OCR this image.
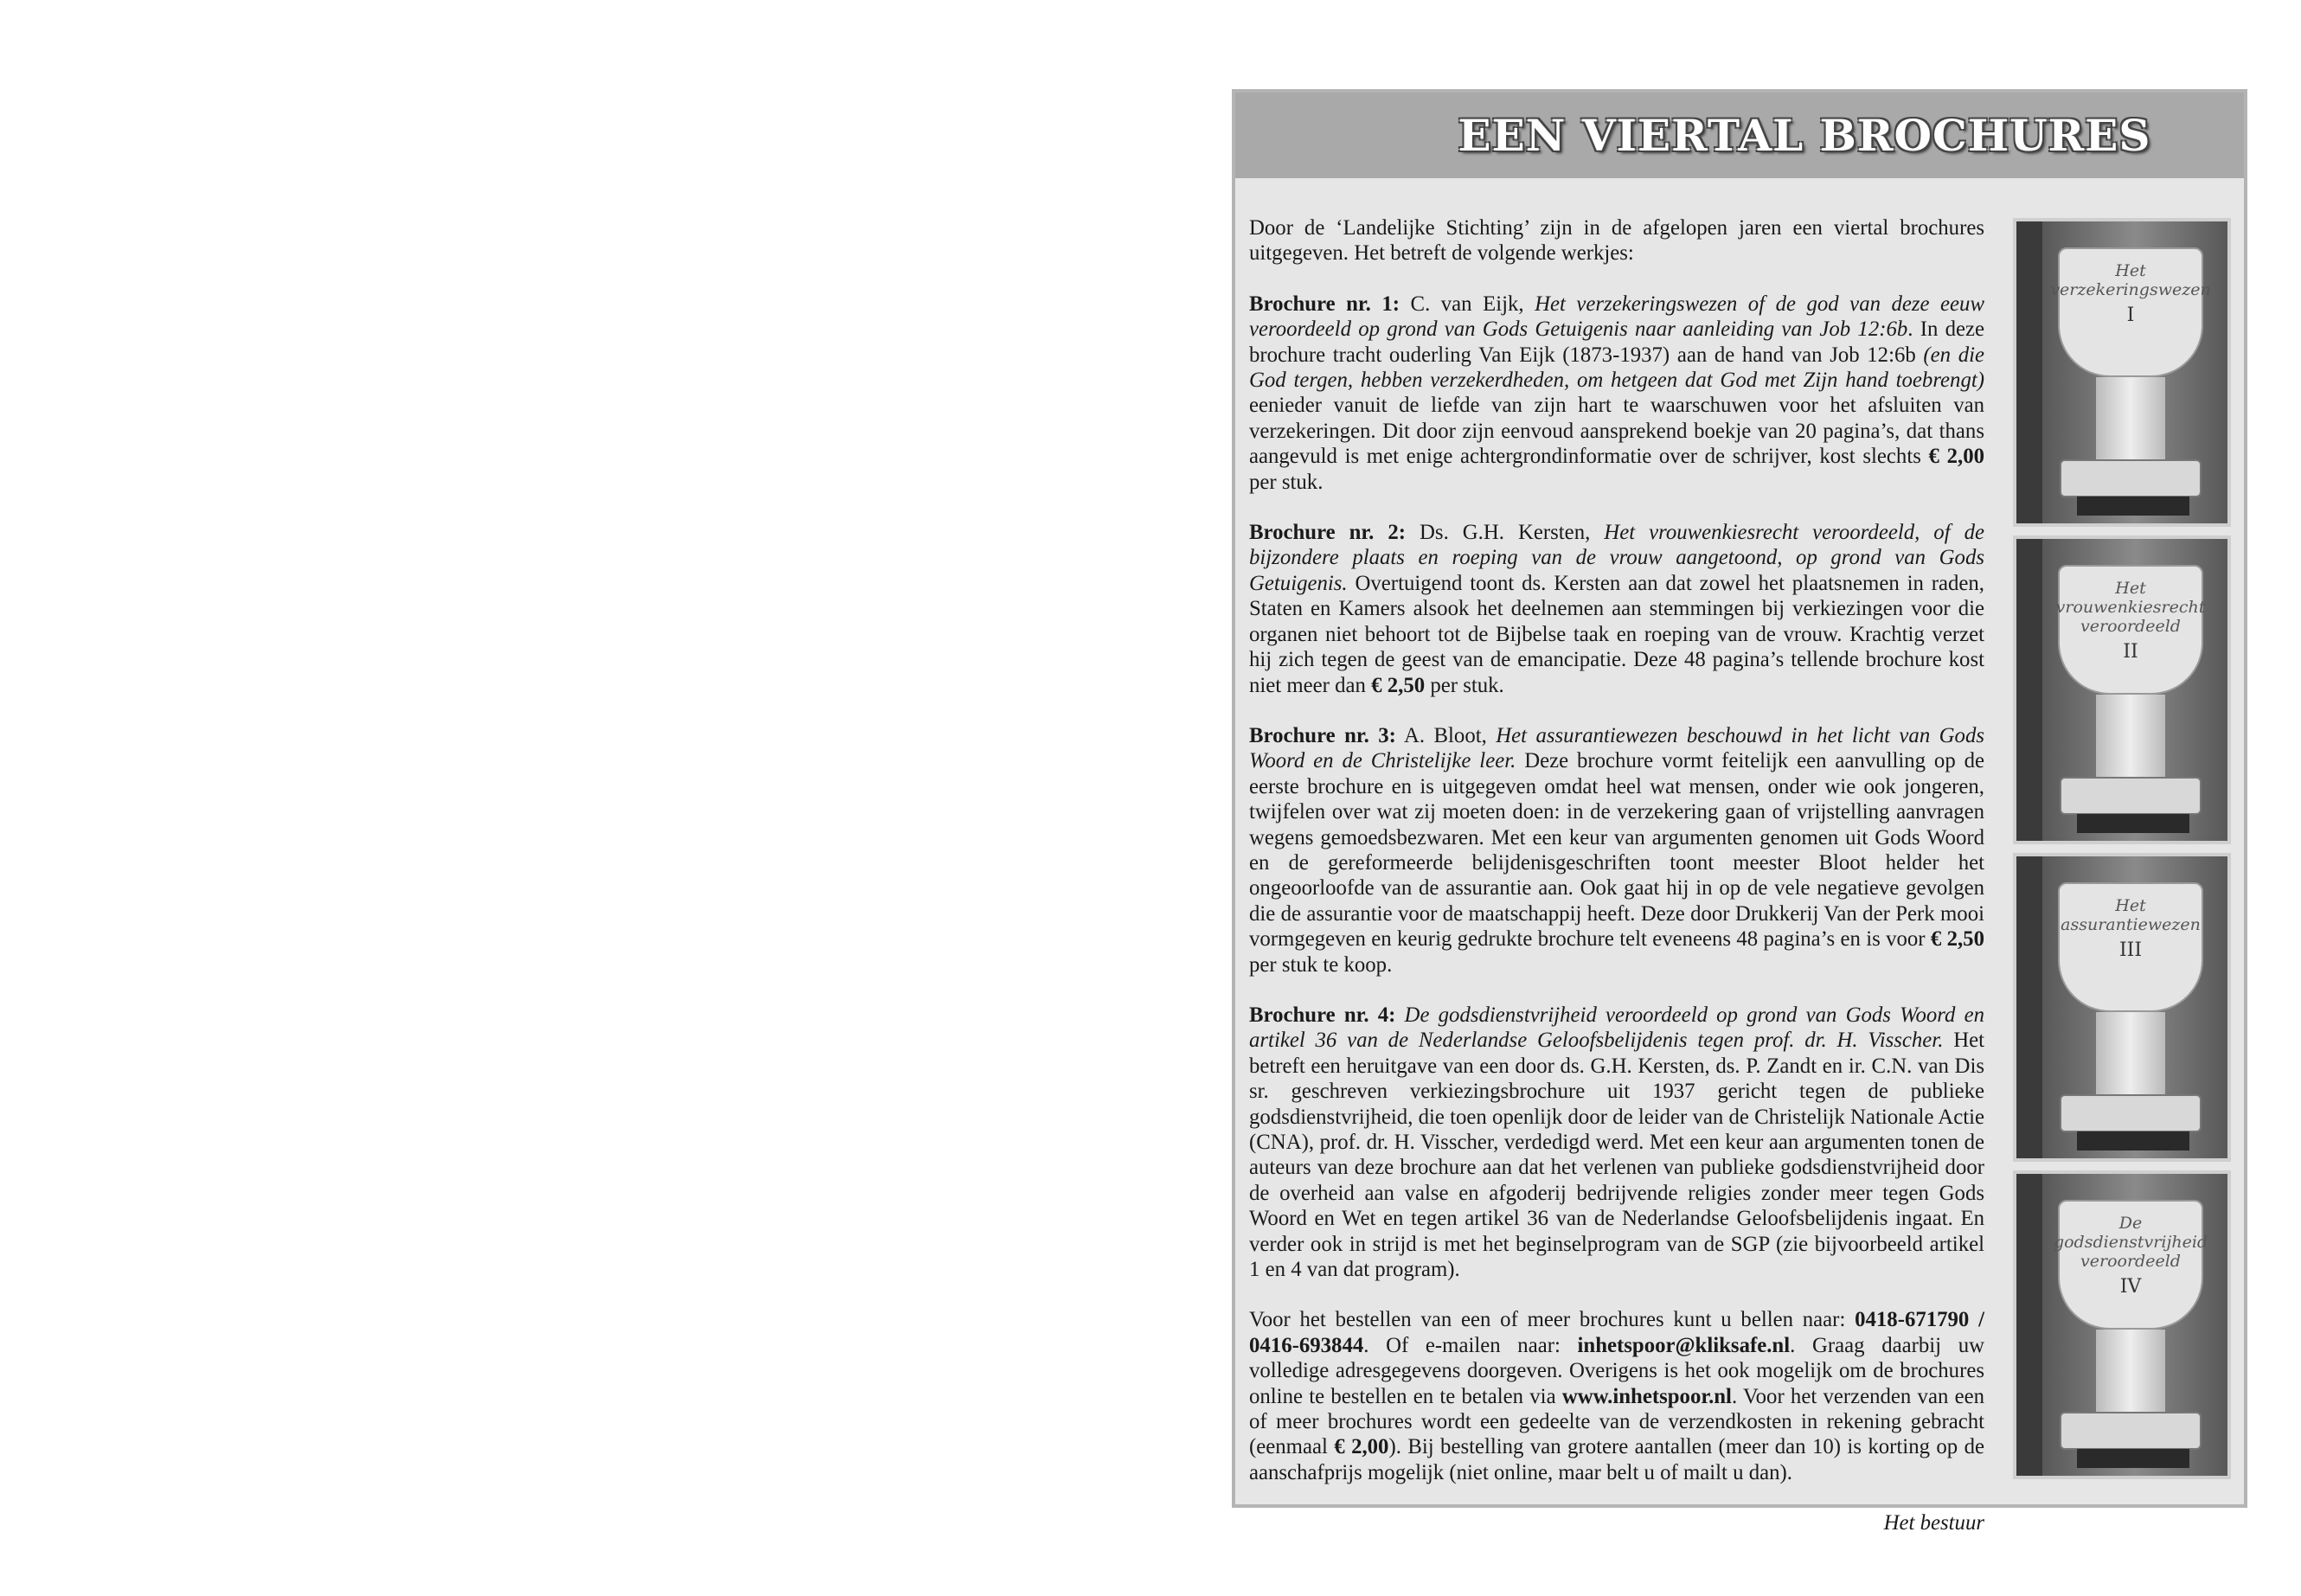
EEN VIERTAL BROCHURES

Door de ‘Landelijke Stichting’ zijn in de afgelopen jaren een viertal brochures uitgegeven. Het betreft de volgende werkjes:

Brochure nr. 1: C. van Eijk, Het verzekeringswezen of de god van deze eeuw veroordeeld op grond van Gods Getuigenis naar aanleiding van Job 12:6b. In deze brochure tracht ouderling Van Eijk (1873-1937) aan de hand van Job 12:6b (en die God tergen, hebben verzekerdheden, om hetgeen dat God met Zijn hand toebrengt) eenieder vanuit de liefde van zijn hart te waarschuwen voor het afsluiten van verzekeringen. Dit door zijn eenvoud aansprekend boekje van 20 pagina’s, dat thans aangevuld is met enige achtergrondinformatie over de schrijver, kost slechts € 2,00 per stuk.

Brochure nr. 2: Ds. G.H. Kersten, Het vrouwenkiesrecht veroordeeld, of de bijzondere plaats en roeping van de vrouw aangetoond, op grond van Gods Getuigenis. Overtuigend toont ds. Kersten aan dat zowel het plaatsnemen in raden, Staten en Kamers alsook het deelnemen aan stemmingen bij verkiezingen voor die organen niet behoort tot de Bijbelse taak en roeping van de vrouw. Krachtig verzet hij zich tegen de geest van de emancipatie. Deze 48 pagina’s tellende brochure kost niet meer dan € 2,50 per stuk.

Brochure nr. 3: A. Bloot, Het assurantiewezen beschouwd in het licht van Gods Woord en de Christelijke leer. Deze brochure vormt feitelijk een aanvulling op de eerste brochure en is uitgegeven omdat heel wat mensen, onder wie ook jongeren, twijfelen over wat zij moeten doen: in de verzekering gaan of vrijstelling aanvragen wegens gemoedsbezwaren. Met een keur van argumenten genomen uit Gods Woord en de gereformeerde belijdenisgeschriften toont meester Bloot helder het ongeoorloofde van de assurantie aan. Ook gaat hij in op de vele negatieve gevolgen die de assurantie voor de maatschappij heeft. Deze door Drukkerij Van der Perk mooi vormgegeven en keurig gedrukte brochure telt eveneens 48 pagina’s en is voor € 2,50 per stuk te koop.

Brochure nr. 4: De godsdienstvrijheid veroordeeld op grond van Gods Woord en artikel 36 van de Nederlandse Geloofsbelijdenis tegen prof. dr. H. Visscher. Het betreft een heruitgave van een door ds. G.H. Kersten, ds. P. Zandt en ir. C.N. van Dis sr. geschreven verkiezingsbrochure uit 1937 gericht tegen de publieke godsdienstvrijheid, die toen openlijk door de leider van de Christelijk Nationale Actie (CNA), prof. dr. H. Visscher, verdedigd werd. Met een keur aan argumenten tonen de auteurs van deze brochure aan dat het verlenen van publieke godsdienstvrijheid door de overheid aan valse en afgoderij bedrijvende religies zonder meer tegen Gods Woord en Wet en tegen artikel 36 van de Nederlandse Geloofsbelijdenis ingaat. En verder ook in strijd is met het beginselprogram van de SGP (zie bijvoorbeeld artikel 1 en 4 van dat program).

Voor het bestellen van een of meer brochures kunt u bellen naar: 0418-671790 / 0416-693844. Of e-mailen naar: inhetspoor@kliksafe.nl. Graag daarbij uw volledige adresgegevens doorgeven. Overigens is het ook mogelijk om de brochures online te bestellen en te betalen via www.inhetspoor.nl. Voor het verzenden van een of meer brochures wordt een gedeelte van de verzendkosten in rekening gebracht (eenmaal € 2,00). Bij bestelling van grotere aantallen (meer dan 10) is korting op de aanschafprijs mogelijk (niet online, maar belt u of mailt u dan).

Het bestuur

Het verzekeringswezen
I
Het vrouwenkiesrecht veroordeeld
II
Het assurantiewezen
III
De godsdienstvrijheid veroordeeld
IV
